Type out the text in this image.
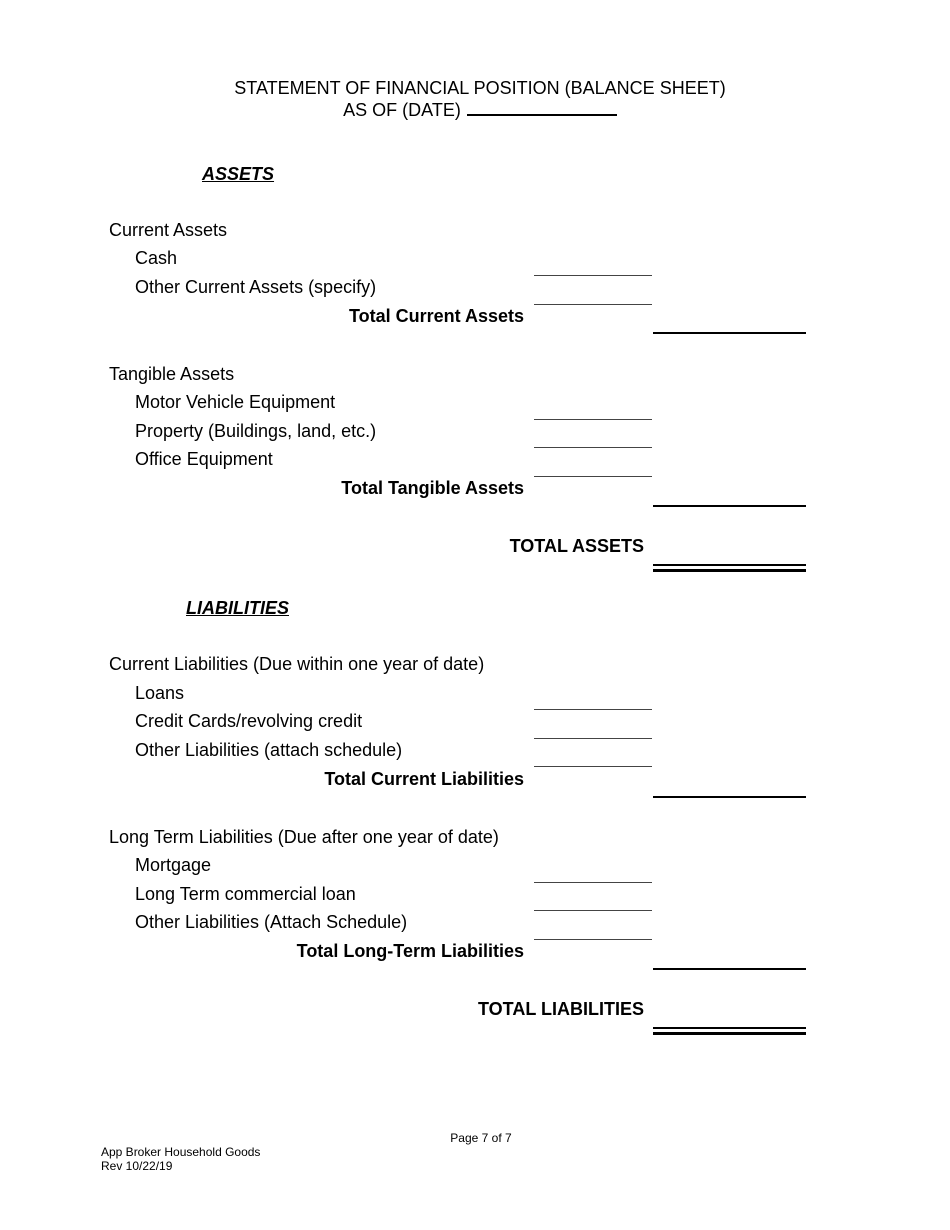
STATEMENT OF FINANCIAL POSITION (BALANCE SHEET)
AS OF (DATE)
ASSETS
Current Assets
Cash
Other Current Assets (specify)
Total Current Assets
Tangible Assets
Motor Vehicle Equipment
Property (Buildings, land, etc.)
Office Equipment
Total Tangible Assets
TOTAL ASSETS
LIABILITIES
Current Liabilities (Due within one year of date)
Loans
Credit Cards/revolving credit
Other Liabilities (attach schedule)
Total Current Liabilities
Long Term Liabilities (Due after one year of date)
Mortgage
Long Term commercial loan
Other Liabilities (Attach Schedule)
Total Long-Term Liabilities
TOTAL LIABILITIES
Page 7 of 7
App Broker Household Goods
Rev 10/22/19
